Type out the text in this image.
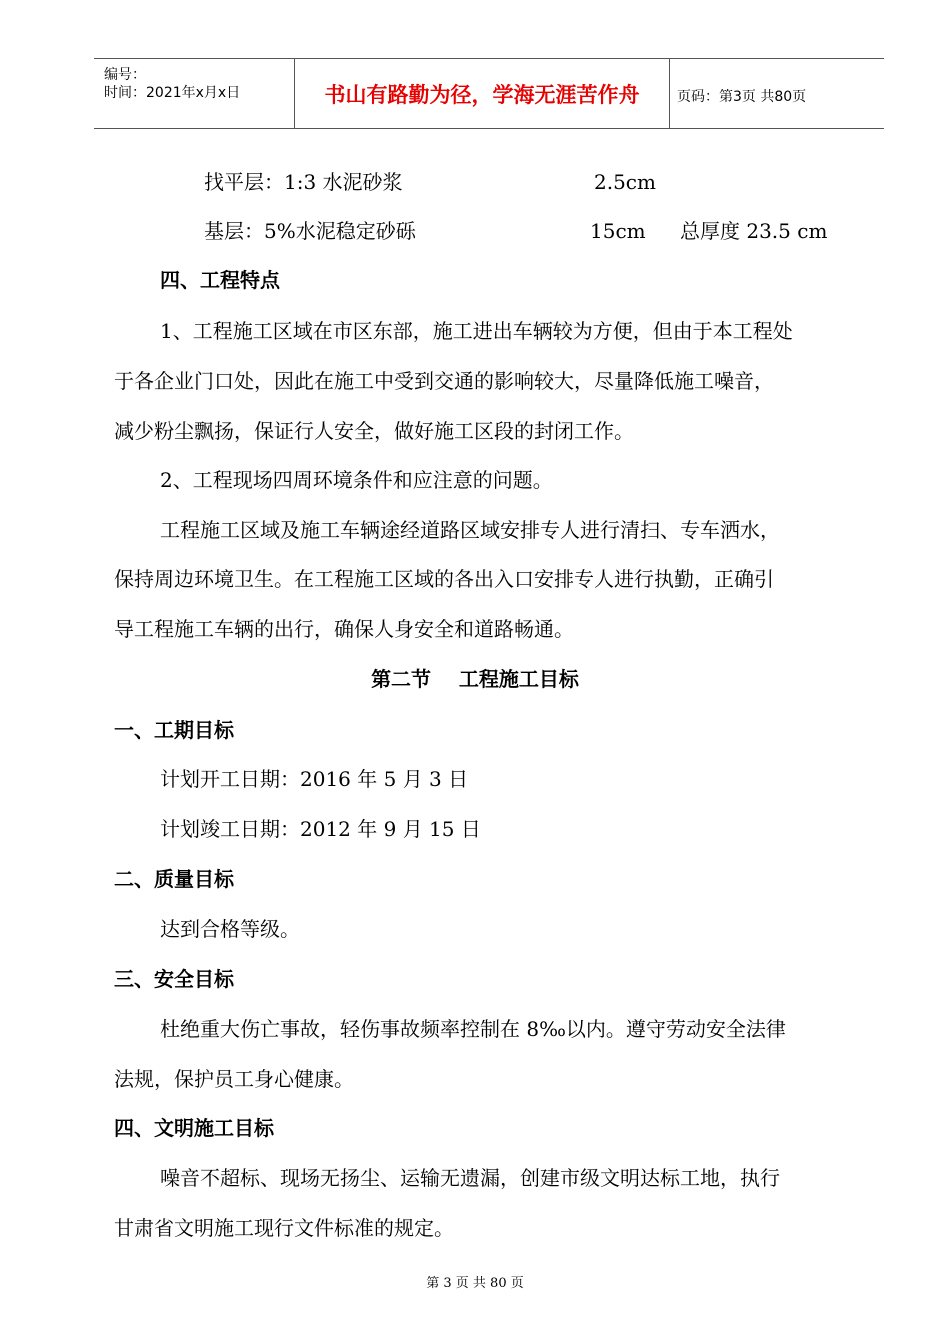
编号：
时间：2021年x月x日	书山有路勤为径，学海无涯苦作舟	页码：第3页 共80页
找平层：1:3 水泥砂浆	2.5cm
基层：5%水泥稳定砂砾	15cm 总厚度 23.5 cm
四、工程特点
1、工程施工区域在市区东部，施工进出车辆较为方便，但由于本工程处
于各企业门口处，因此在施工中受到交通的影响较大，尽量降低施工噪音，
减少粉尘飘扬，保证行人安全，做好施工区段的封闭工作。
2、工程现场四周环境条件和应注意的问题。
工程施工区域及施工车辆途经道路区域安排专人进行清扫、专车洒水，
保持周边环境卫生。在工程施工区域的各出入口安排专人进行执勤，正确引
导工程施工车辆的出行，确保人身安全和道路畅通。
第二节    工程施工目标
一、工期目标
计划开工日期：2016 年 5 月 3 日
计划竣工日期：2012 年 9 月 15 日
二、质量目标
达到合格等级。
三、安全目标
杜绝重大伤亡事故，轻伤事故频率控制在 8‰以内。遵守劳动安全法律
法规，保护员工身心健康。
四、文明施工目标
噪音不超标、现场无扬尘、运输无遗漏，创建市级文明达标工地，执行
甘肃省文明施工现行文件标准的规定。
第 3 页 共 80 页
